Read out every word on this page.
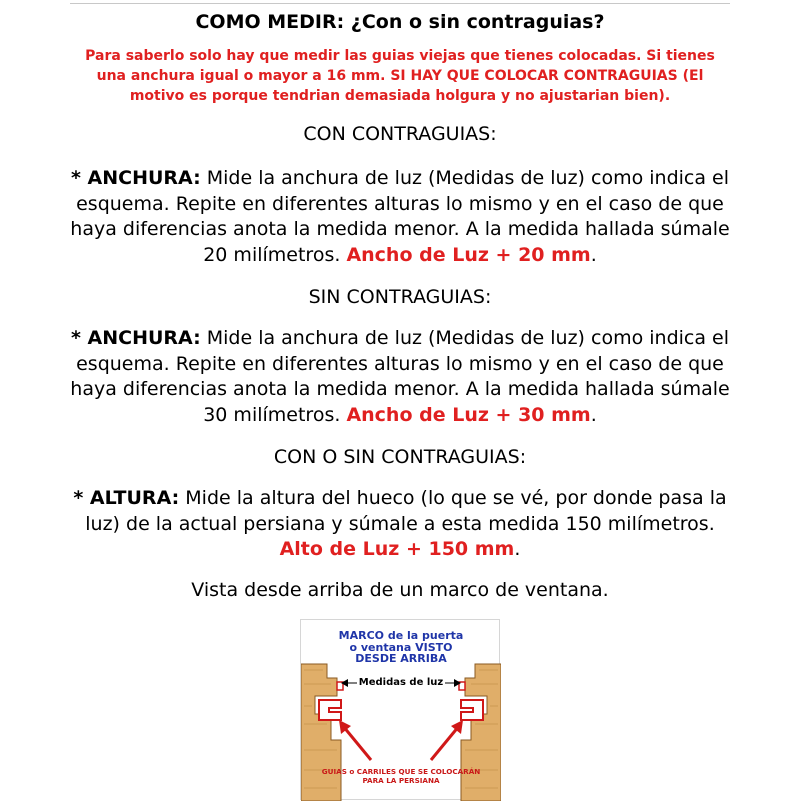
COMO MEDIR: ¿Con o sin contraguias?
Para saberlo solo hay que medir las guias viejas que tienes colocadas. Si tienes una anchura igual o mayor a 16 mm. SI HAY QUE COLOCAR CONTRAGUIAS (El motivo es porque tendrian demasiada holgura y no ajustarian bien).
CON CONTRAGUIAS:
* ANCHURA: Mide la anchura de luz (Medidas de luz) como indica el esquema. Repite en diferentes alturas lo mismo y en el caso de que haya diferencias anota la medida menor. A la medida hallada súmale 20 milímetros. Ancho de Luz + 20 mm.
SIN CONTRAGUIAS:
* ANCHURA: Mide la anchura de luz (Medidas de luz) como indica el esquema. Repite en diferentes alturas lo mismo y en el caso de que haya diferencias anota la medida menor. A la medida hallada súmale 30 milímetros. Ancho de Luz + 30 mm.
CON O SIN CONTRAGUIAS:
* ALTURA: Mide la altura del hueco (lo que se vé, por donde pasa la luz) de la actual persiana y súmale a esta medida 150 milímetros. Alto de Luz + 150 mm.
Vista desde arriba de un marco de ventana.
MARCO de la puerta
o ventana VISTO
DESDE ARRIBA
Medidas de luz
GUIAS o CARRILES QUE SE COLOCARÁN
PARA LA PERSIANA
